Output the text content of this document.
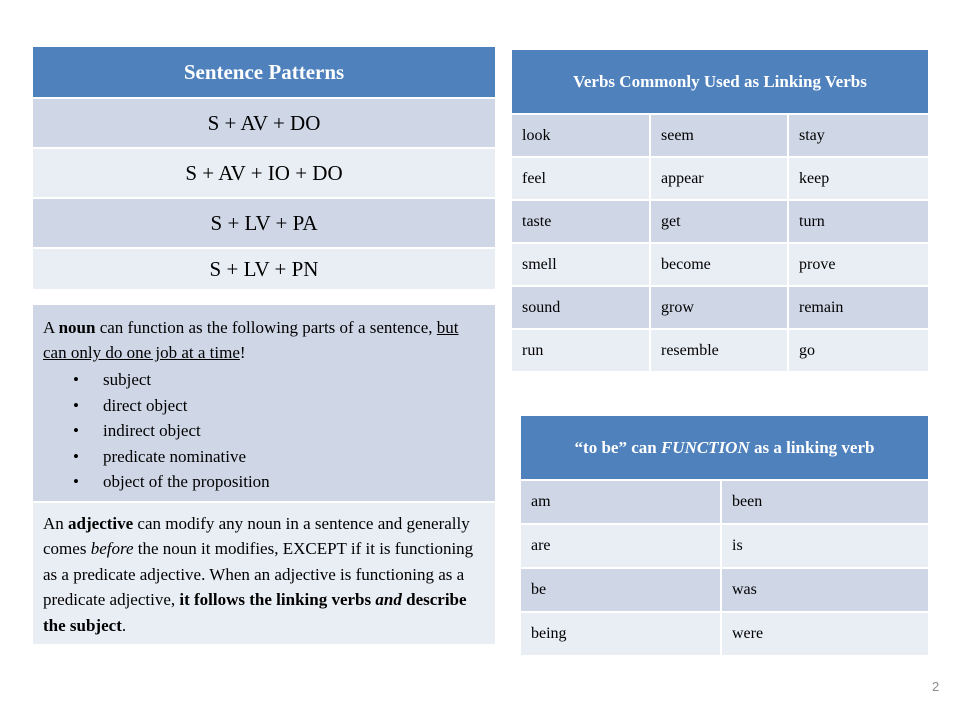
Sentence Patterns
S + AV + DO
S + AV + IO + DO
S + LV + PA
S + LV + PN
A noun can function as the following parts of a sentence, but can only do one job at a time!
• subject
• direct object
• indirect object
• predicate nominative
• object of the proposition
An adjective can modify any noun in a sentence and generally comes before the noun it modifies, EXCEPT if it is functioning as a predicate adjective. When an adjective is functioning as a predicate adjective, it follows the linking verbs and describe the subject.
Verbs Commonly Used as Linking Verbs		
look	seem	stay
feel	appear	keep
taste	get	turn
smell	become	prove
sound	grow	remain
run	resemble	go
“to be” can FUNCTION as a linking verb	
am	been
are	is
be	was
being	were
2
